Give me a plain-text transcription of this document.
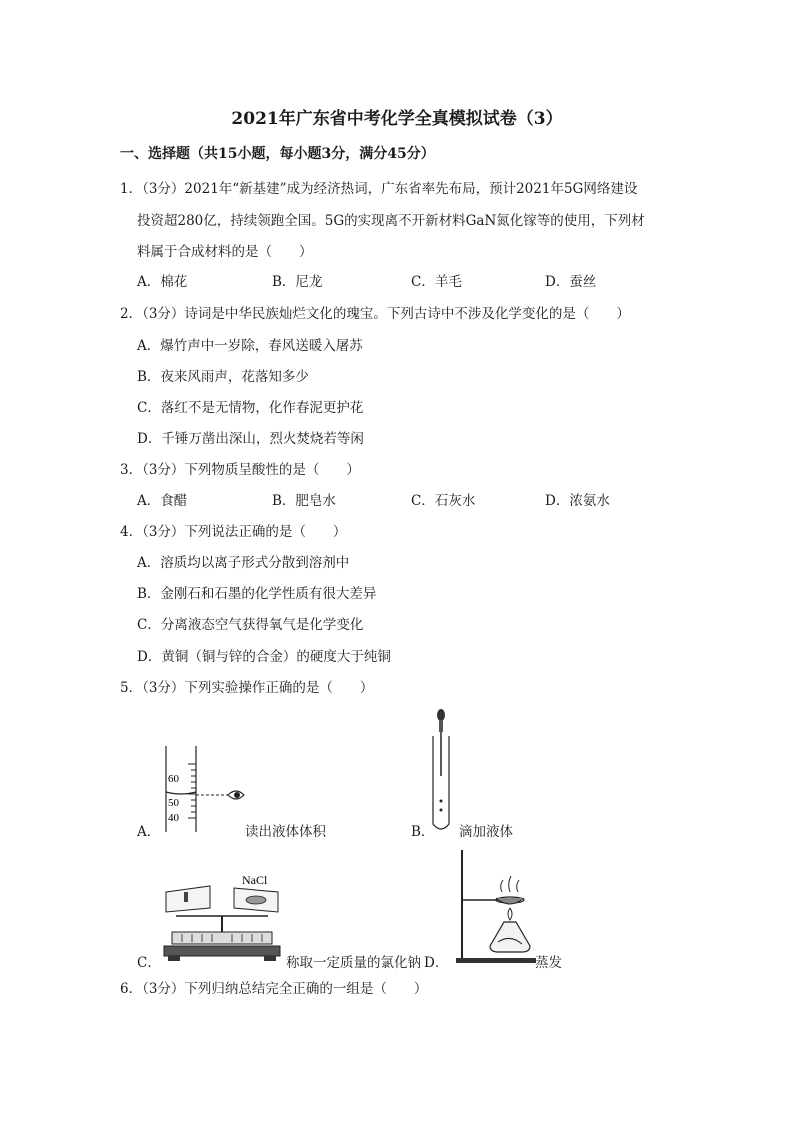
2021年广东省中考化学全真模拟试卷（3）
一、选择题（共15小题，每小题3分，满分45分）
1．（3分）2021年“新基建”成为经济热词，广东省率先布局，预计2021年5G网络建设
投资超280亿，持续领跑全国。5G的实现离不开新材料GaN氮化镓等的使用，下列材
料属于合成材料的是（　　）
A．棉花	B．尼龙	C．羊毛	D．蚕丝
2．（3分）诗词是中华民族灿烂文化的瑰宝。下列古诗中不涉及化学变化的是（　　）
A．爆竹声中一岁除，春风送暖入屠苏
B．夜来风雨声，花落知多少
C．落红不是无情物，化作春泥更护花
D．千锤万凿出深山，烈火焚烧若等闲
3．（3分）下列物质呈酸性的是（　　）
A．食醋	B．肥皂水	C．石灰水	D．浓氨水
4．（3分）下列说法正确的是（　　）
A．溶质均以离子形式分散到溶剂中
B．金刚石和石墨的化学性质有很大差异
C．分离液态空气获得氧气是化学变化
D．黄铜（铜与锌的合金）的硬度大于纯铜
5．（3分）下列实验操作正确的是（　　）
A．
60
50
40
读出液体体积	B． 滴加液体
C．
NaCl
称取一定质量的氯化钠 D．	蒸发
6．（3分）下列归纳总结完全正确的一组是（　　）
